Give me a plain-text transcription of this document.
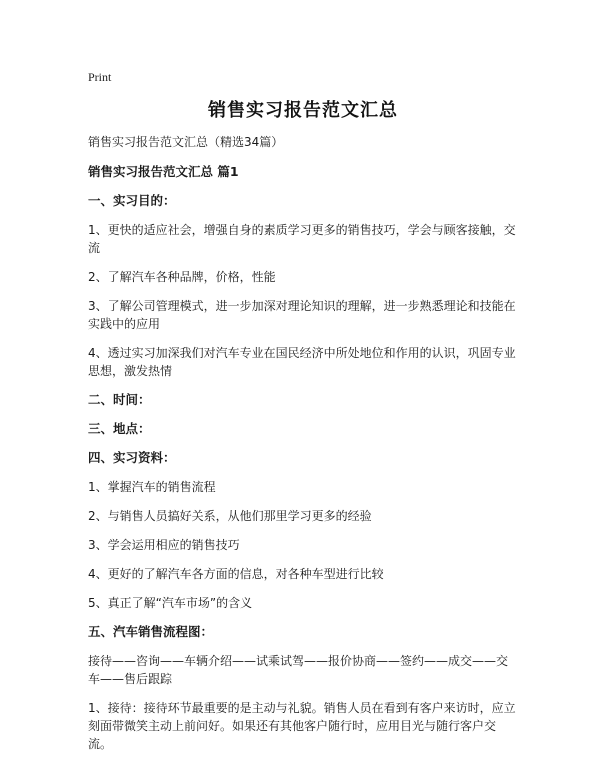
Print
销售实习报告范文汇总
销售实习报告范文汇总（精选34篇）
销售实习报告范文汇总 篇1
一、实习目的：
1、更快的适应社会，增强自身的素质学习更多的销售技巧，学会与顾客接触，交流
2、了解汽车各种品牌，价格，性能
3、了解公司管理模式，进一步加深对理论知识的理解，进一步熟悉理论和技能在实践中的应用
4、透过实习加深我们对汽车专业在国民经济中所处地位和作用的认识，巩固专业思想，激发热情
二、时间：
三、地点：
四、实习资料：
1、掌握汽车的销售流程
2、与销售人员搞好关系，从他们那里学习更多的经验
3、学会运用相应的销售技巧
4、更好的了解汽车各方面的信息，对各种车型进行比较
5、真正了解“汽车市场”的含义
五、汽车销售流程图：
接待——咨询——车辆介绍——试乘试驾——报价协商——签约——成交——交车——售后跟踪
1、接待：接待环节最重要的是主动与礼貌。销售人员在看到有客户来访时，应立刻面带微笑主动上前问好。如果还有其他客户随行时，应用目光与随行客户交流。
